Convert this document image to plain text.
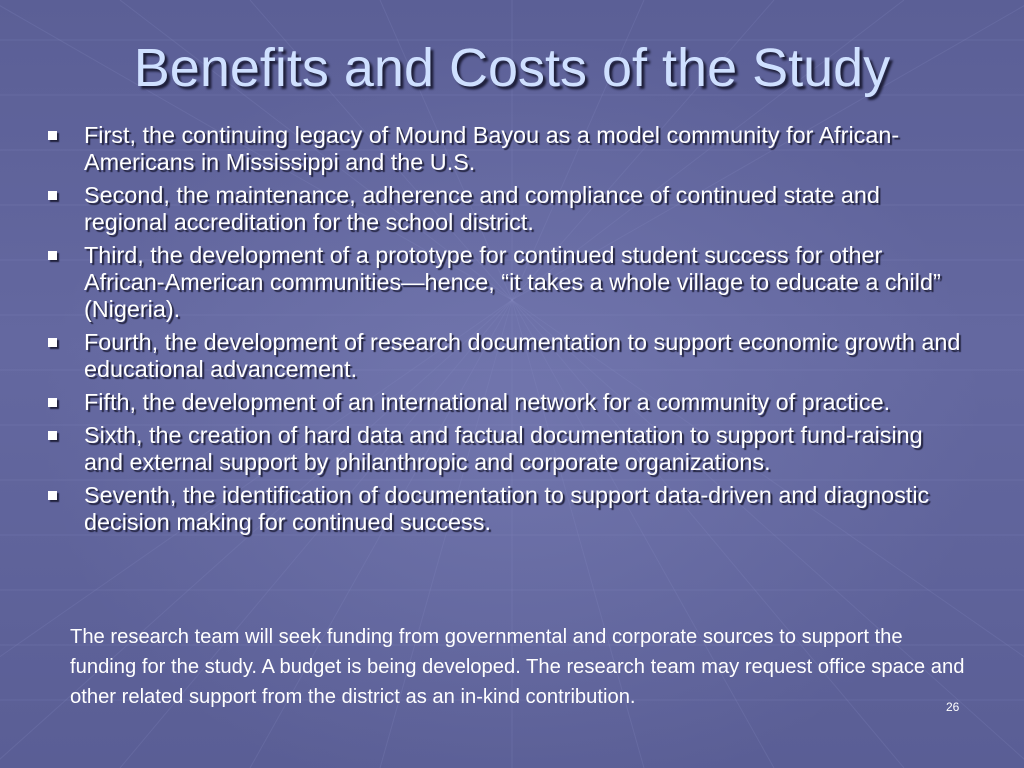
Benefits and Costs of the Study
First, the continuing legacy of Mound Bayou as a model community for African-Americans in Mississippi and the U.S.
Second, the maintenance, adherence and compliance of continued state and regional accreditation for the school district.
Third, the development of a prototype for continued student success for other African-American communities—hence, “it takes a whole village to educate a child” (Nigeria).
Fourth, the development of research documentation to support economic growth and educational advancement.
Fifth, the development of an international network for a community of practice.
Sixth, the creation of hard data and factual documentation to support fund-raising and external support by philanthropic and corporate organizations.
Seventh, the identification of documentation to support data-driven and diagnostic decision making for continued success.

The research team will seek funding from governmental and corporate sources to support the funding for the study. A budget is being developed. The research team may request office space and other related support from the district as an in-kind contribution.	26
